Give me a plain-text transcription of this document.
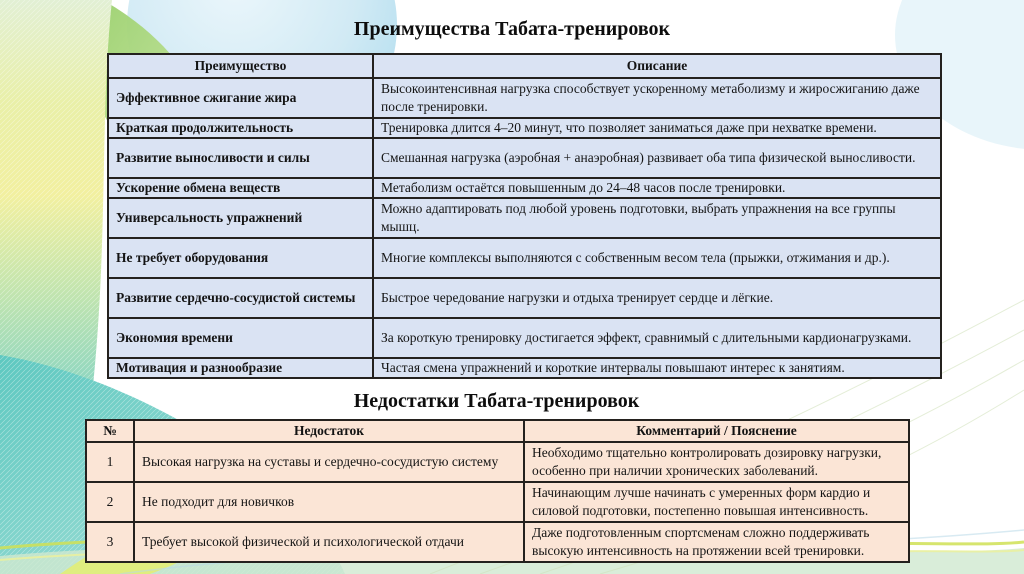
Преимущества Табата-тренировок
Преимущество	Описание
Эффективное сжигание жира	Высокоинтенсивная нагрузка способствует ускоренному метаболизму и жиросжиганию даже после тренировки.
Краткая продолжительность	Тренировка длится 4–20 минут, что позволяет заниматься даже при нехватке времени.
Развитие выносливости и силы	Смешанная нагрузка (аэробная + анаэробная) развивает оба типа физической выносливости.
Ускорение обмена веществ	Метаболизм остаётся повышенным до 24–48 часов после тренировки.
Универсальность упражнений	Можно адаптировать под любой уровень подготовки, выбрать упражнения на все группы мышц.
Не требует оборудования	Многие комплексы выполняются с собственным весом тела (прыжки, отжимания и др.).
Развитие сердечно-сосудистой системы	Быстрое чередование нагрузки и отдыха тренирует сердце и лёгкие.
Экономия времени	За короткую тренировку достигается эффект, сравнимый с длительными кардионагрузками.
Мотивация и разнообразие	Частая смена упражнений и короткие интервалы повышают интерес к занятиям.
Недостатки Табата-тренировок
№	Недостаток	Комментарий / Пояснение
1	Высокая нагрузка на суставы и сердечно-сосудистую систему	Необходимо тщательно контролировать дозировку нагрузки, особенно при наличии хронических заболеваний.
2	Не подходит для новичков	Начинающим лучше начинать с умеренных форм кардио и силовой подготовки, постепенно повышая интенсивность.
3	Требует высокой физической и психологической отдачи	Даже подготовленным спортсменам сложно поддерживать высокую интенсивность на протяжении всей тренировки.
